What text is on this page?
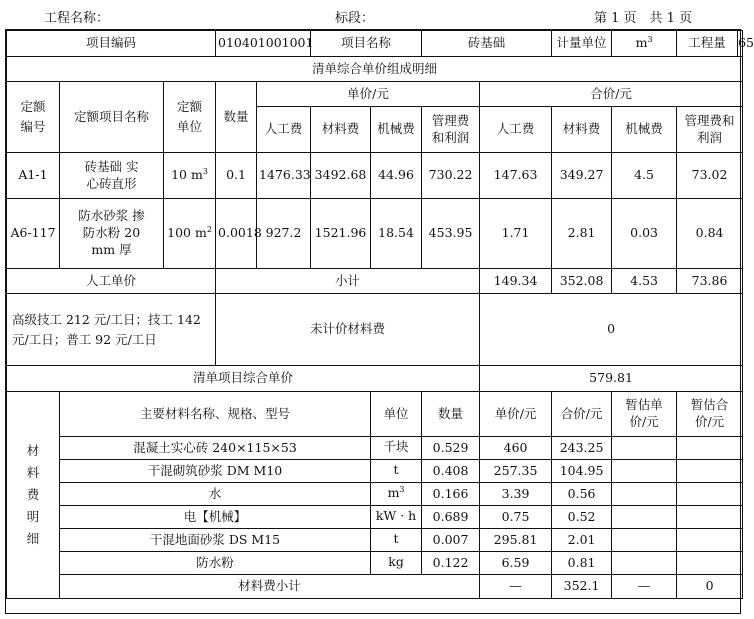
工程名称：	标段：	第 1 页　共 1 页
项目编码			010401001001		项目名称		砖基础		计量单位	$m^3$	工程量 65

清单综合单价组成明细											
定额编号	定额项目名称	定额单位	数量	单价/元				合价/元			
				人工费	材料费	机械费	管理费和利润	人工费	材料费	机械费	管理费和利润
A1-1	砖基础 实心砖直形	10 $m^3$	0.1	1476.33	3492.68	44.96	730.22	147.63	349.27	4.5	73.02
A6-117	防水砂浆 掺防水粉 20 mm 厚	100 $m^2$	0.0018	927.2	1521.96	18.54	453.95	1.71	2.81	0.03	0.84
人工单价			小计					149.34	352.08	4.53	73.86
高级技工 212 元/工日；技工 142 元/工日；普工 92 元/工日			未计价材料费					0			
清单项目综合单价								579.81			
材料费明细	主要材料名称、规格、型号					单位	数量	单价/元	合价/元	暂估单价/元	暂估合价/元
	混凝土实心砖 240×115×53					千块	0.529	460	243.25		
	干混砌筑砂浆 DM M10					t	0.408	257.35	104.95		
	水					$m^3$	0.166	3.39	0.56		
	电【机械】					kW · h	0.689	0.75	0.52		
	干混地面砂浆 DS M15					t	0.007	295.81	2.01		
	防水粉					kg	0.122	6.59	0.81		
	材料费小计							—	352.1	—	0
